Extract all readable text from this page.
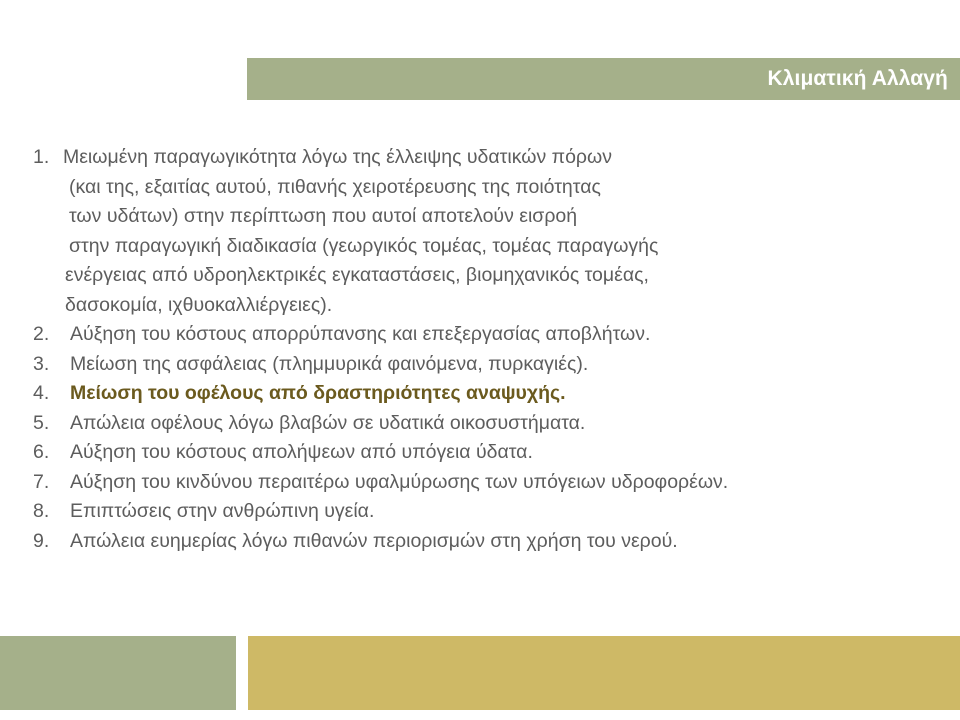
Κλιματική Αλλαγή
1. Μειωμένη παραγωγικότητα λόγω της έλλειψης υδατικών πόρων
(και της, εξαιτίας αυτού, πιθανής χειροτέρευσης της ποιότητας
των υδάτων) στην περίπτωση που αυτοί αποτελούν εισροή
στην παραγωγική διαδικασία (γεωργικός τομέας, τομέας παραγωγής
ενέργειας από υδροηλεκτρικές εγκαταστάσεις, βιομηχανικός τομέας,
δασοκομία, ιχθυοκαλλιέργειες).
2. Αύξηση του κόστους απορρύπανσης και επεξεργασίας αποβλήτων.
3. Μείωση της ασφάλειας (πλημμυρικά φαινόμενα, πυρκαγιές).
4. Μείωση του οφέλους από δραστηριότητες αναψυχής.
5. Απώλεια οφέλους λόγω βλαβών σε υδατικά οικοσυστήματα.
6. Αύξηση του κόστους απολήψεων από υπόγεια ύδατα.
7. Αύξηση του κινδύνου περαιτέρω υφαλμύρωσης των υπόγειων υδροφορέων.
8. Επιπτώσεις στην ανθρώπινη υγεία.
9. Απώλεια ευημερίας λόγω πιθανών περιορισμών στη χρήση του νερού.
